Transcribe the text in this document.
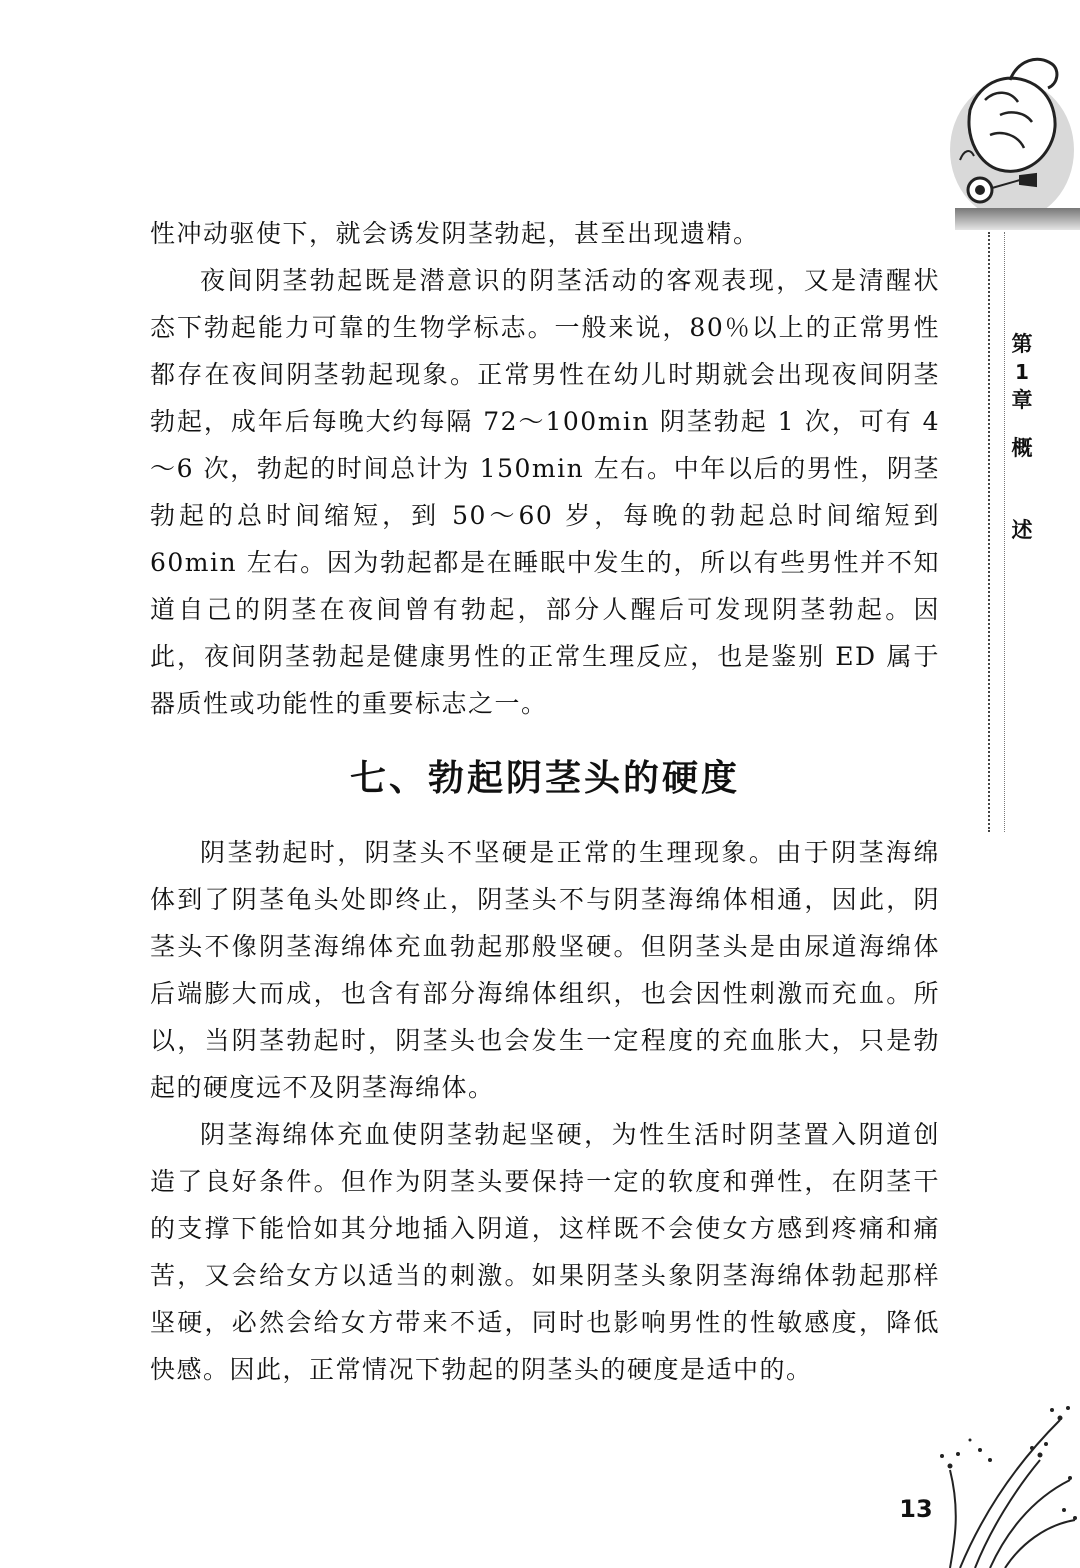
第
1
章
概
述

性冲动驱使下，就会诱发阴茎勃起，甚至出现遗精。

夜间阴茎勃起既是潜意识的阴茎活动的客观表现，又是清醒状态下勃起能力可靠的生物学标志。一般来说，80％以上的正常男性都存在夜间阴茎勃起现象。正常男性在幼儿时期就会出现夜间阴茎勃起，成年后每晚大约每隔 72～100min 阴茎勃起 1 次，可有 4～6 次，勃起的时间总计为 150min 左右。中年以后的男性，阴茎勃起的总时间缩短，到 50～60 岁，每晚的勃起总时间缩短到 60min 左右。因为勃起都是在睡眠中发生的，所以有些男性并不知道自己的阴茎在夜间曾有勃起，部分人醒后可发现阴茎勃起。因此，夜间阴茎勃起是健康男性的正常生理反应，也是鉴别 ED 属于器质性或功能性的重要标志之一。

七、勃起阴茎头的硬度

阴茎勃起时，阴茎头不坚硬是正常的生理现象。由于阴茎海绵体到了阴茎龟头处即终止，阴茎头不与阴茎海绵体相通，因此，阴茎头不像阴茎海绵体充血勃起那般坚硬。但阴茎头是由尿道海绵体后端膨大而成，也含有部分海绵体组织，也会因性刺激而充血。所以，当阴茎勃起时，阴茎头也会发生一定程度的充血胀大，只是勃起的硬度远不及阴茎海绵体。

阴茎海绵体充血使阴茎勃起坚硬，为性生活时阴茎置入阴道创造了良好条件。但作为阴茎头要保持一定的软度和弹性，在阴茎干的支撑下能恰如其分地插入阴道，这样既不会使女方感到疼痛和痛苦，又会给女方以适当的刺激。如果阴茎头象阴茎海绵体勃起那样坚硬，必然会给女方带来不适，同时也影响男性的性敏感度，降低快感。因此，正常情况下勃起的阴茎头的硬度是适中的。

13
